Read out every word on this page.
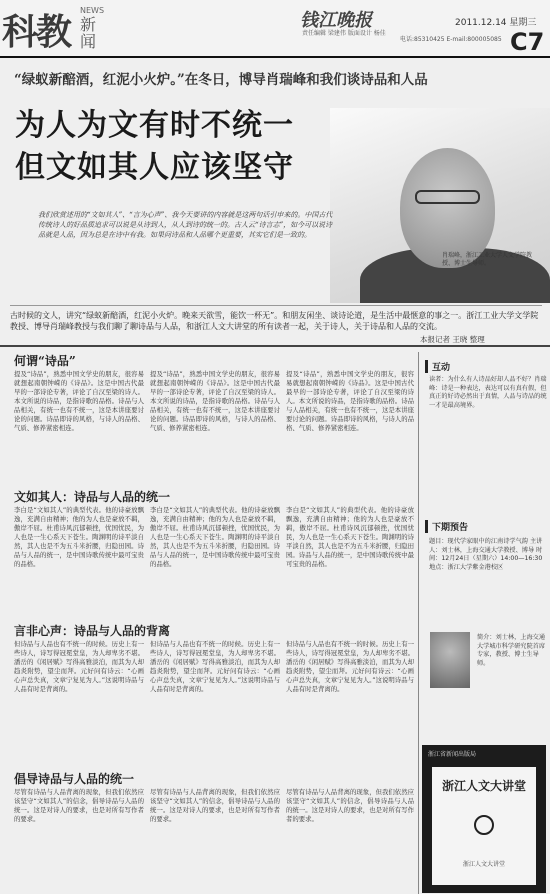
科教
NEWS
新闻
钱江晚报
责任编辑 梁建伟 版面设计 杨佳
电话:85310425 E-mail:800005085
2011.12.14 星期三
C7
“绿蚁新醅酒，红泥小火炉。”在冬日，博导肖瑞峰和我们谈诗品和人品
为人为文有时不统一
但文如其人应该坚守
我们欣赏述用的“文如其人”、“言为心声”、我今天要讲的内容就是这两句话引申来的。中国古代传统诗人的好品质追求可以说是从诗到人，从人到诗的统一的。古人云“诗言志”，如今可以说诗品就是人品，因为总是在诗中有我。如果问诗品和人品哪个更重要，其实它们是一致的。
肖瑞峰，浙江工业大学人文学院教授、博士生导师。
古时候的文人，讲究“绿蚁新醅酒，红泥小火炉。晚来天欲雪，能饮一杯无”。和朋友闲坐、谈诗论道，是生活中最惬意的事之一。浙江工业大学文学院教授、博导肖瑞峰教授与我们聊了聊诗品与人品，和浙江人文大讲堂的所有读者一起，关于诗人，关于诗品和人品的交流。
本报记者 王晓 整理
何谓“诗品”
提及“诗品”，熟悉中国文学史的朋友，很容易就想起南朝钟嵘的《诗品》。这是中国古代最早的一部诗论专著，评论了自汉至梁的诗人。本文所说的诗品，是指诗歌的品格。诗品与人品相关，有统一也有不统一，这是本讲座要讨论的问题。诗品即诗的风格，与诗人的品格、气质、修养紧密相连。
提及“诗品”，熟悉中国文学史的朋友，很容易就想起南朝钟嵘的《诗品》。这是中国古代最早的一部诗论专著，评论了自汉至梁的诗人。本文所说的诗品，是指诗歌的品格。诗品与人品相关，有统一也有不统一，这是本讲座要讨论的问题。诗品即诗的风格，与诗人的品格、气质、修养紧密相连。
提及“诗品”，熟悉中国文学史的朋友，很容易就想起南朝钟嵘的《诗品》。这是中国古代最早的一部诗论专著，评论了自汉至梁的诗人。本文所说的诗品，是指诗歌的品格。诗品与人品相关，有统一也有不统一，这是本讲座要讨论的问题。诗品即诗的风格，与诗人的品格、气质、修养紧密相连。
文如其人：诗品与人品的统一
李白是“文如其人”的典型代表。他的诗豪放飘逸，充满自由精神；他的为人也是豪放不羁，傲岸不屈。杜甫诗风沉郁顿挫，忧国忧民，为人也是一生心系天下苍生。陶渊明的诗平淡自然，其人也是不为五斗米折腰，归隐田园。诗品与人品的统一，是中国诗歌传统中最可宝贵的品格。
李白是“文如其人”的典型代表。他的诗豪放飘逸，充满自由精神；他的为人也是豪放不羁，傲岸不屈。杜甫诗风沉郁顿挫，忧国忧民，为人也是一生心系天下苍生。陶渊明的诗平淡自然，其人也是不为五斗米折腰，归隐田园。诗品与人品的统一，是中国诗歌传统中最可宝贵的品格。
李白是“文如其人”的典型代表。他的诗豪放飘逸，充满自由精神；他的为人也是豪放不羁，傲岸不屈。杜甫诗风沉郁顿挫，忧国忧民，为人也是一生心系天下苍生。陶渊明的诗平淡自然，其人也是不为五斗米折腰，归隐田园。诗品与人品的统一，是中国诗歌传统中最可宝贵的品格。
言非心声：诗品与人品的背离
但诗品与人品也有不统一的时候。历史上有一些诗人，诗写得冠冕堂皇，为人却卑劣不堪。潘岳的《闲居赋》写得高雅淡泊，而其为人却趋炎附势，望尘而拜。元好问有诗云：“心画心声总失真，文章宁复见为人。”这说明诗品与人品有时是背离的。
但诗品与人品也有不统一的时候。历史上有一些诗人，诗写得冠冕堂皇，为人却卑劣不堪。潘岳的《闲居赋》写得高雅淡泊，而其为人却趋炎附势，望尘而拜。元好问有诗云：“心画心声总失真，文章宁复见为人。”这说明诗品与人品有时是背离的。
但诗品与人品也有不统一的时候。历史上有一些诗人，诗写得冠冕堂皇，为人却卑劣不堪。潘岳的《闲居赋》写得高雅淡泊，而其为人却趋炎附势，望尘而拜。元好问有诗云：“心画心声总失真，文章宁复见为人。”这说明诗品与人品有时是背离的。
倡导诗品与人品的统一
尽管有诗品与人品背离的现象，但我们依然应该坚守“文如其人”的信念，倡导诗品与人品的统一。这是对诗人的要求，也是对所有写作者的要求。
尽管有诗品与人品背离的现象，但我们依然应该坚守“文如其人”的信念，倡导诗品与人品的统一。这是对诗人的要求，也是对所有写作者的要求。
尽管有诗品与人品背离的现象，但我们依然应该坚守“文如其人”的信念，倡导诗品与人品的统一。这是对诗人的要求，也是对所有写作者的要求。
互动
读者：为什么有人诗品好却人品不好？肖瑞峰：诗是一种表达，表达可以有真有假，但真正的好诗必然出于真情，人品与诗品的统一才是最高境界。
下期预告
题目：现代学家眼中的江南诗学气韵 主讲人：刘士林，上海交通大学教授、博导 时间：12月24日（星期六）14:00—16:30 地点：浙江大学紫金港校区
简介：刘士林，上海交通大学城市科学研究院首席专家，教授、博士生导师。
浙江省新闻出版局
浙江人文大讲堂
浙江人文大讲堂
